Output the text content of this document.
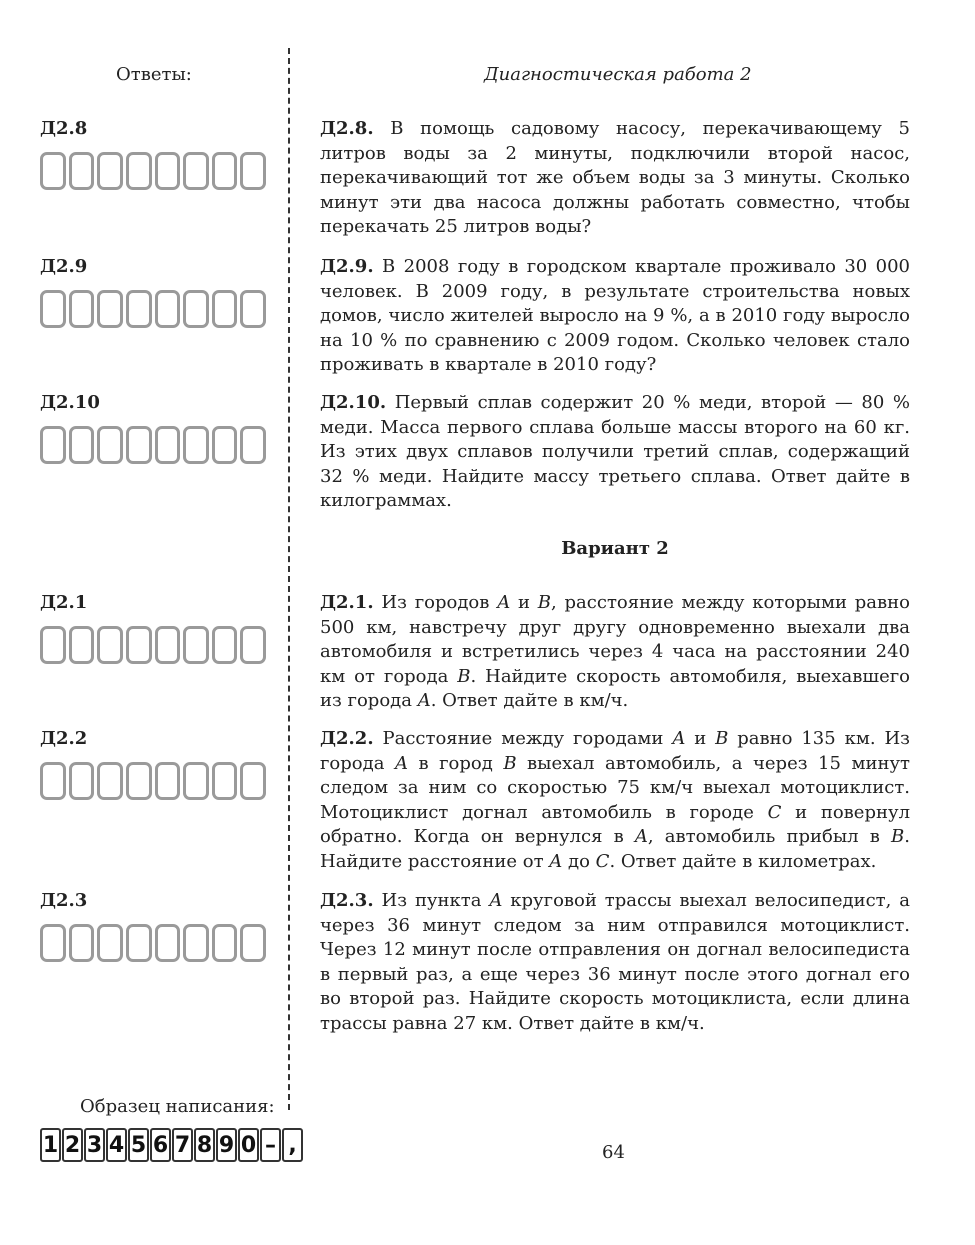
Ответы:	Диагностическая работа 2
Д2.8
Д2.9
Д2.10
Д2.1
Д2.2
Д2.3
Д2.8. В помощь садовому насосу, перекачивающему 5 литров воды за 2 минуты, подключили второй насос, перекачивающий тот же объем воды за 3 минуты. Сколько минут эти два насоса должны работать совместно, чтобы перекачать 25 литров воды?
Д2.9. В 2008 году в городском квартале проживало 30 000 человек. В 2009 году, в результате строительства новых домов, число жителей выросло на 9 %, а в 2010 году выросло на 10 % по сравнению с 2009 годом. Сколько человек стало проживать в квартале в 2010 году?
Д2.10. Первый сплав содержит 20 % меди, второй — 80 % меди. Масса первого сплава больше массы второго на 60 кг. Из этих двух сплавов получили третий сплав, содержащий 32 % меди. Найдите массу третьего сплава. Ответ дайте в килограммах.
Вариант 2
Д2.1. Из городов A и B, расстояние между которыми равно 500 км, навстречу друг другу одновременно выехали два автомобиля и встретились через 4 часа на расстоянии 240 км от города B. Найдите скорость автомобиля, выехавшего из города A. Ответ дайте в км/ч.
Д2.2. Расстояние между городами A и B равно 135 км. Из города A в город B выехал автомобиль, а через 15 минут следом за ним со скоростью 75 км/ч выехал мотоциклист. Мотоциклист догнал автомобиль в городе C и повернул обратно. Когда он вернулся в A, автомобиль прибыл в B. Найдите расстояние от A до C. Ответ дайте в километрах.
Д2.3. Из пункта A круговой трассы выехал велосипедист, а через 36 минут следом за ним отправился мотоциклист. Через 12 минут после отправления он догнал велосипедиста в первый раз, а еще через 36 минут после этого догнал его во второй раз. Найдите скорость мотоциклиста, если длина трассы равна 27 км. Ответ дайте в км/ч.
Образец написания:
1 2 3 4 5 6 7 8 9 0 – ,	64
